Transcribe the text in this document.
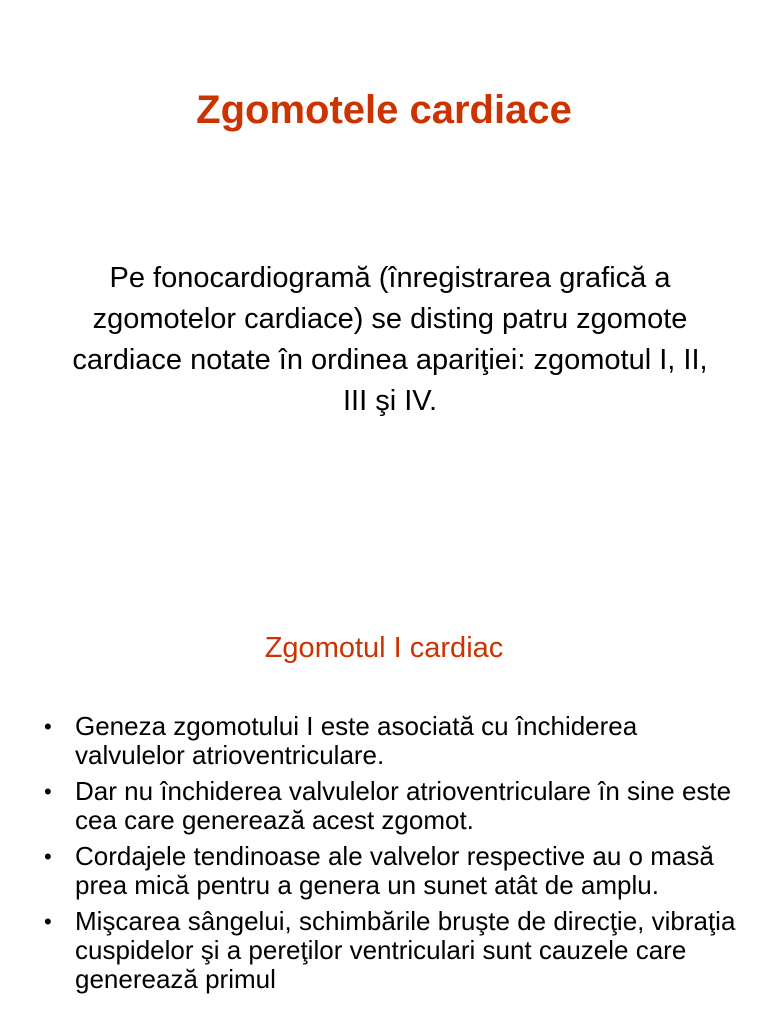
Zgomotele cardiace

Pe fonocardiogramă (înregistrarea grafică a zgomotelor cardiace) se disting patru zgomote cardiace notate în ordinea apariţiei: zgomotul I, II, III şi IV.

Zgomotul I cardiac
• Geneza zgomotului I este asociată cu închiderea valvulelor atrioventriculare.
• Dar nu închiderea valvulelor atrioventriculare în sine este cea care generează acest zgomot.
• Cordajele tendinoase ale valvelor respective au o masă prea mică pentru a genera un sunet atât de amplu.
• Mişcarea sângelui, schimbările bruşte de direcţie, vibraţia cuspidelor şi a pereţilor ventriculari sunt cauzele care generează primul
